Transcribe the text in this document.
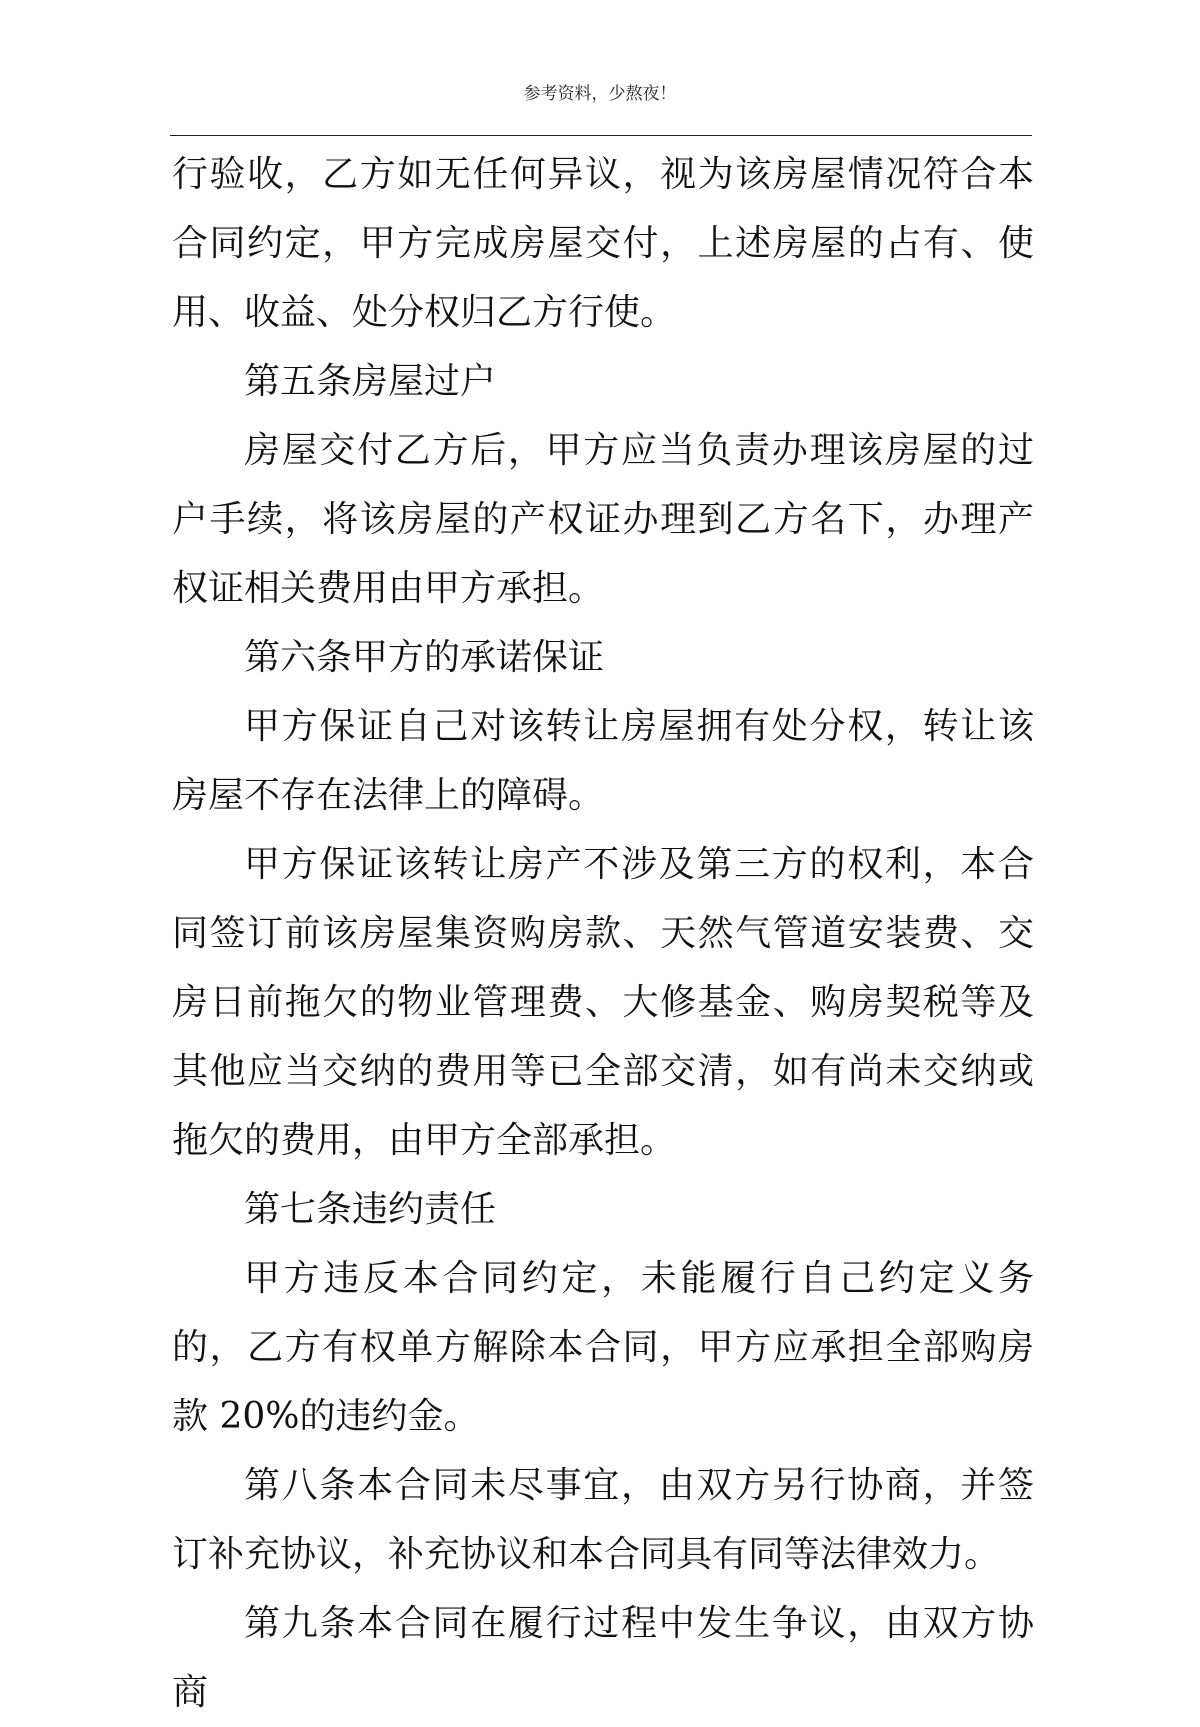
参考资料，少熬夜！

行验收，乙方如无任何异议，视为该房屋情况符合本合同约定，甲方完成房屋交付，上述房屋的占有、使用、收益、处分权归乙方行使。

第五条房屋过户

房屋交付乙方后，甲方应当负责办理该房屋的过户手续，将该房屋的产权证办理到乙方名下，办理产权证相关费用由甲方承担。

第六条甲方的承诺保证

甲方保证自己对该转让房屋拥有处分权，转让该房屋不存在法律上的障碍。

甲方保证该转让房产不涉及第三方的权利，本合同签订前该房屋集资购房款、天然气管道安装费、交房日前拖欠的物业管理费、大修基金、购房契税等及其他应当交纳的费用等已全部交清，如有尚未交纳或拖欠的费用，由甲方全部承担。

第七条违约责任

甲方违反本合同约定，未能履行自己约定义务的，乙方有权单方解除本合同，甲方应承担全部购房款 20%的违约金。

第八条本合同未尽事宜，由双方另行协商，并签订补充协议，补充协议和本合同具有同等法律效力。

第九条本合同在履行过程中发生争议，由双方协商
